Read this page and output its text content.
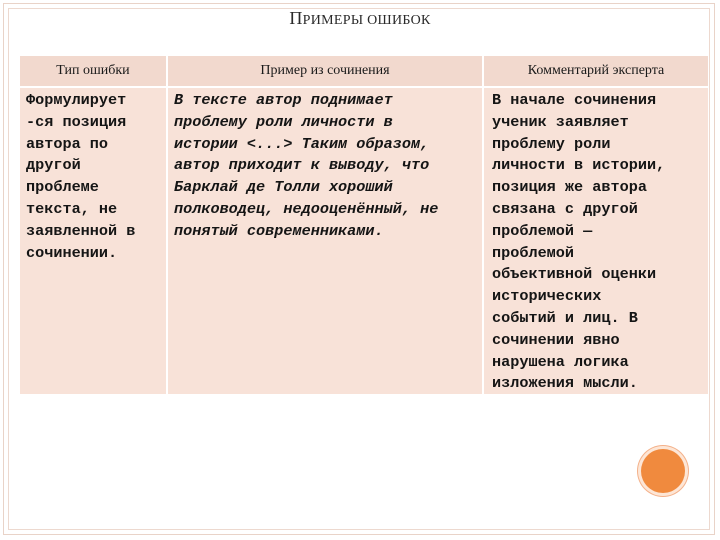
ПРИМЕРЫ ОШИБОК
Тип ошибки	Пример из сочинения	Комментарий эксперта
Формулирует
-ся позиция
автора по
другой
проблеме
текста, не
заявленной в
сочинении.
В тексте автор поднимает
проблему роли личности в
истории <...> Таким образом,
автор приходит к выводу, что
Барклай де Толли хороший
полководец, недооценённый, не
понятый современниками.
В начале сочинения
ученик заявляет
проблему роли
личности в истории,
позиция же автора
связана с другой
проблемой —
проблемой
объективной оценки
исторических
событий и лиц. В
сочинении явно
нарушена логика
изложения мысли.
